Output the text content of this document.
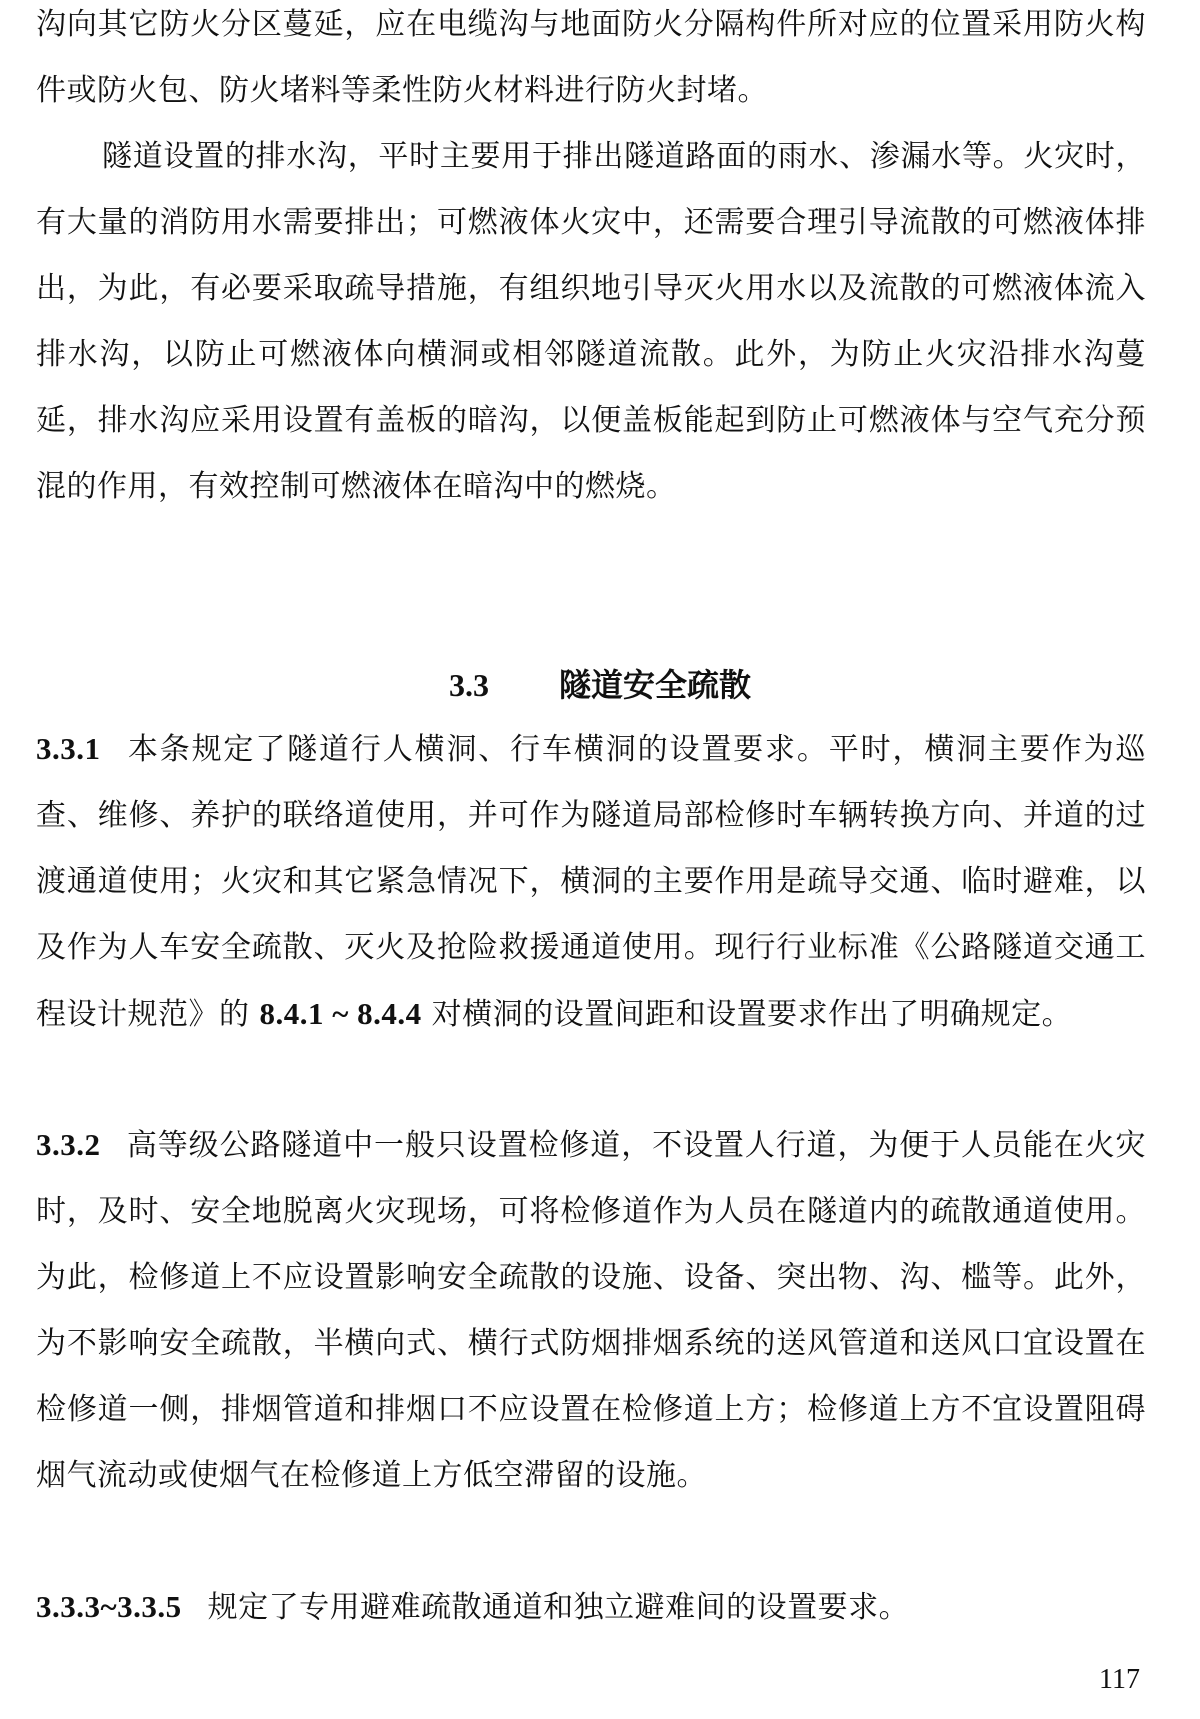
沟向其它防火分区蔓延，应在电缆沟与地面防火分隔构件所对应的位置采用防火构件或防火包、防火堵料等柔性防火材料进行防火封堵。

隧道设置的排水沟，平时主要用于排出隧道路面的雨水、渗漏水等。火灾时，有大量的消防用水需要排出；可燃液体火灾中，还需要合理引导流散的可燃液体排出，为此，有必要采取疏导措施，有组织地引导灭火用水以及流散的可燃液体流入排水沟，以防止可燃液体向横洞或相邻隧道流散。此外，为防止火灾沿排水沟蔓延，排水沟应采用设置有盖板的暗沟，以便盖板能起到防止可燃液体与空气充分预混的作用，有效控制可燃液体在暗沟中的燃烧。

3.3 隧道安全疏散

3.3.1 本条规定了隧道行人横洞、行车横洞的设置要求。平时，横洞主要作为巡查、维修、养护的联络道使用，并可作为隧道局部检修时车辆转换方向、并道的过渡通道使用；火灾和其它紧急情况下，横洞的主要作用是疏导交通、临时避难，以及作为人车安全疏散、灭火及抢险救援通道使用。现行行业标准《公路隧道交通工程设计规范》的 8.4.1 ~ 8.4.4 对横洞的设置间距和设置要求作出了明确规定。

3.3.2 高等级公路隧道中一般只设置检修道，不设置人行道，为便于人员能在火灾时，及时、安全地脱离火灾现场，可将检修道作为人员在隧道内的疏散通道使用。为此，检修道上不应设置影响安全疏散的设施、设备、突出物、沟、槛等。此外，为不影响安全疏散，半横向式、横行式防烟排烟系统的送风管道和送风口宜设置在检修道一侧，排烟管道和排烟口不应设置在检修道上方；检修道上方不宜设置阻碍烟气流动或使烟气在检修道上方低空滞留的设施。

3.3.3~3.3.5 规定了专用避难疏散通道和独立避难间的设置要求。

117
